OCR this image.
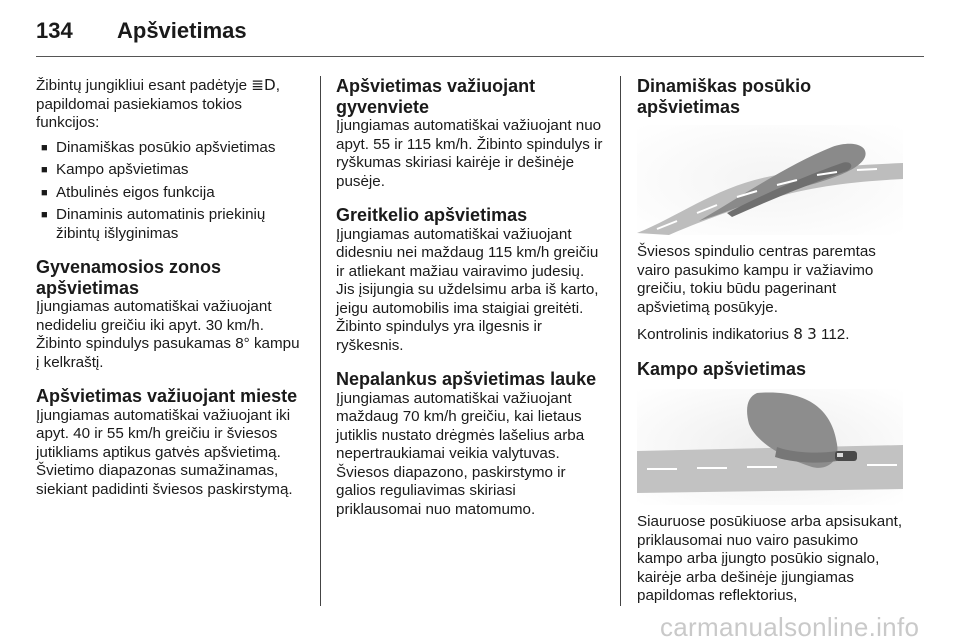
134 Apšvietimas

Žibintų jungikliui esant padėtyje ≣D, papildomai pasiekiamos tokios funkcijos:

■ Dinamiškas posūkio apšvietimas
■ Kampo apšvietimas
■ Atbulinės eigos funkcija
■ Dinaminis automatinis priekinių žibintų išlyginimas
Gyvenamosios zonos apšvietimas

Įjungiamas automatiškai važiuojant nedideliu greičiu iki apyt. 30 km/h. Žibinto spindulys pasukamas 8° kampu į kelkraštį.

Apšvietimas važiuojant mieste

Įjungiamas automatiškai važiuojant iki apyt. 40 ir 55 km/h greičiu ir šviesos jutikliams aptikus gatvės apšvietimą. Švietimo diapazonas sumažinamas, siekiant padidinti šviesos paskirstymą.

Apšvietimas važiuojant gyvenviete

Įjungiamas automatiškai važiuojant nuo apyt. 55 ir 115 km/h. Žibinto spindulys ir ryškumas skiriasi kairėje ir dešinėje pusėje.

Greitkelio apšvietimas

Įjungiamas automatiškai važiuojant didesniu nei maždaug 115 km/h greičiu ir atliekant mažiau vairavimo judesių. Jis įsijungia su uždelsimu arba iš karto, jeigu automobilis ima staigiai greitėti. Žibinto spindulys yra ilgesnis ir ryškesnis.

Nepalankus apšvietimas lauke

Įjungiamas automatiškai važiuojant maždaug 70 km/h greičiu, kai lietaus jutiklis nustato drėgmės lašelius arba nepertraukiamai veikia valytuvas. Šviesos diapazono, paskirstymo ir galios reguliavimas skiriasi priklausomai nuo matomumo.

Dinamiškas posūkio apšvietimas

Šviesos spindulio centras paremtas vairo pasukimo kampu ir važiavimo greičiu, tokiu būdu pagerinant apšvietimą posūkyje.

Kontrolinis indikatorius 8 3 112.

Kampo apšvietimas

Siauruose posūkiuose arba apsisukant, priklausomai nuo vairo pasukimo kampo arba įjungto posūkio signalo, kairėje arba dešinėje įjungiamas papildomas reflektorius,

carmanualsonline.info
